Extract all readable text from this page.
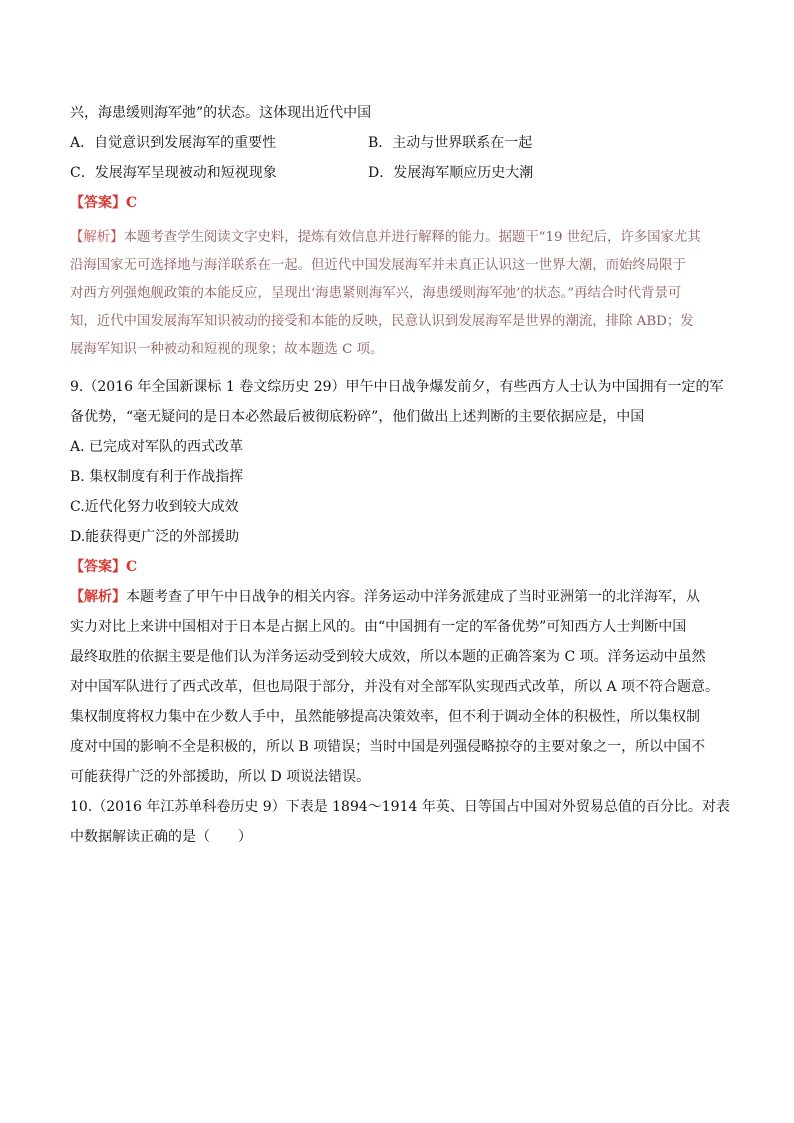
兴，海患缓则海军弛”的状态。这体现出近代中国
A．自觉意识到发展海军的重要性	B．主动与世界联系在一起
C．发展海军呈现被动和短视现象	D．发展海军顺应历史大潮
【答案】C
【解析】本题考查学生阅读文字史料，提炼有效信息并进行解释的能力。据题干“19 世纪后，许多国家尤其
沿海国家无可选择地与海洋联系在一起。但近代中国发展海军并未真正认识这一世界大潮，而始终局限于
对西方列强炮舰政策的本能反应，呈现出‘海患紧则海军兴，海患缓则海军弛’的状态。”再结合时代背景可
知，近代中国发展海军知识被动的接受和本能的反映，民意认识到发展海军是世界的潮流，排除 ABD；发
展海军知识一种被动和短视的现象；故本题选 C 项。
9.（2016 年全国新课标 1 卷文综历史 29）甲午中日战争爆发前夕，有些西方人士认为中国拥有一定的军
备优势，“毫无疑问的是日本必然最后被彻底粉碎”，他们做出上述判断的主要依据应是，中国
A. 已完成对军队的西式改革
B. 集权制度有利于作战指挥
C.近代化努力收到较大成效
D.能获得更广泛的外部援助
【答案】C
【解析】本题考查了甲午中日战争的相关内容。洋务运动中洋务派建成了当时亚洲第一的北洋海军，从
实力对比上来讲中国相对于日本是占据上风的。由“中国拥有一定的军备优势”可知西方人士判断中国
最终取胜的依据主要是他们认为洋务运动受到较大成效，所以本题的正确答案为 C 项。洋务运动中虽然
对中国军队进行了西式改革，但也局限于部分，并没有对全部军队实现西式改革，所以 A 项不符合题意。
集权制度将权力集中在少数人手中，虽然能够提高决策效率，但不利于调动全体的积极性，所以集权制
度对中国的影响不全是积极的，所以 B 项错误；当时中国是列强侵略掠夺的主要对象之一，所以中国不
可能获得广泛的外部援助，所以 D 项说法错误。
10.（2016 年江苏单科卷历史 9）下表是 1894～1914 年英、日等国占中国对外贸易总值的百分比。对表
中数据解读正确的是（　　）
